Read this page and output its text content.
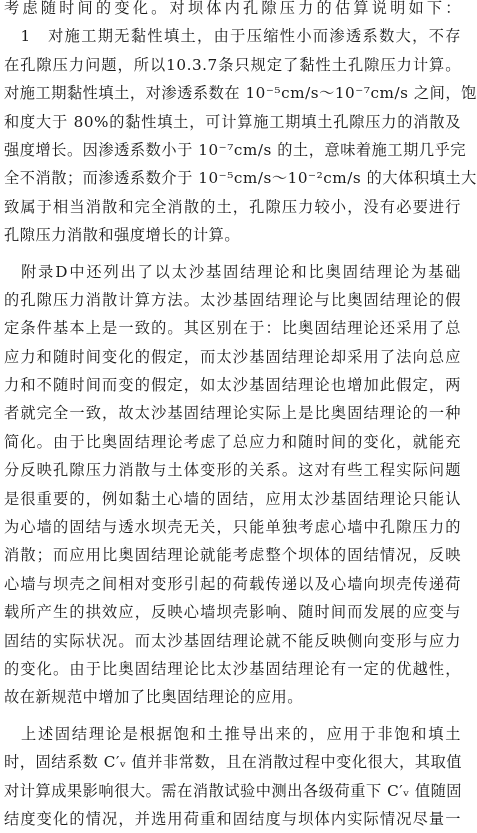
考虑随时间的变化。对坝体内孔隙压力的估算说明如下：
　1　对施工期无黏性填土，由于压缩性小而渗透系数大，不存
在孔隙压力问题，所以10.3.7条只规定了黏性土孔隙压力计算。
对施工期黏性填土，对渗透系数在 10⁻⁵cm/s～10⁻⁷cm/s 之间，饱
和度大于 80%的黏性填土，可计算施工期填土孔隙压力的消散及
强度增长。因渗透系数小于 10⁻⁷cm/s 的土，意味着施工期几乎完
全不消散；而渗透系数介于 10⁻⁵cm/s～10⁻²cm/s 的大体积填土大
致属于相当消散和完全消散的土，孔隙压力较小，没有必要进行
孔隙压力消散和强度增长的计算。
　附录D中还列出了以太沙基固结理论和比奥固结理论为基础
的孔隙压力消散计算方法。太沙基固结理论与比奥固结理论的假
定条件基本上是一致的。其区别在于：比奥固结理论还采用了总
应力和随时间变化的假定，而太沙基固结理论却采用了法向总应
力和不随时间而变的假定，如太沙基固结理论也增加此假定，两
者就完全一致，故太沙基固结理论实际上是比奥固结理论的一种
简化。由于比奥固结理论考虑了总应力和随时间的变化，就能充
分反映孔隙压力消散与土体变形的关系。这对有些工程实际问题
是很重要的，例如黏土心墙的固结，应用太沙基固结理论只能认
为心墙的固结与透水坝壳无关，只能单独考虑心墙中孔隙压力的
消散；而应用比奥固结理论就能考虑整个坝体的固结情况，反映
心墙与坝壳之间相对变形引起的荷载传递以及心墙向坝壳传递荷
载所产生的拱效应，反映心墙坝壳影响、随时间而发展的应变与
固结的实际状况。而太沙基固结理论就不能反映侧向变形与应力
的变化。由于比奥固结理论比太沙基固结理论有一定的优越性，
故在新规范中增加了比奥固结理论的应用。
　上述固结理论是根据饱和土推导出来的，应用于非饱和填土
时，固结系数 C′ᵥ 值并非常数，且在消散过程中变化很大，其取值
对计算成果影响很大。需在消散试验中测出各级荷重下 C′ᵥ 值随固
结度变化的情况，并选用荷重和固结度与坝体内实际情况尽量一
